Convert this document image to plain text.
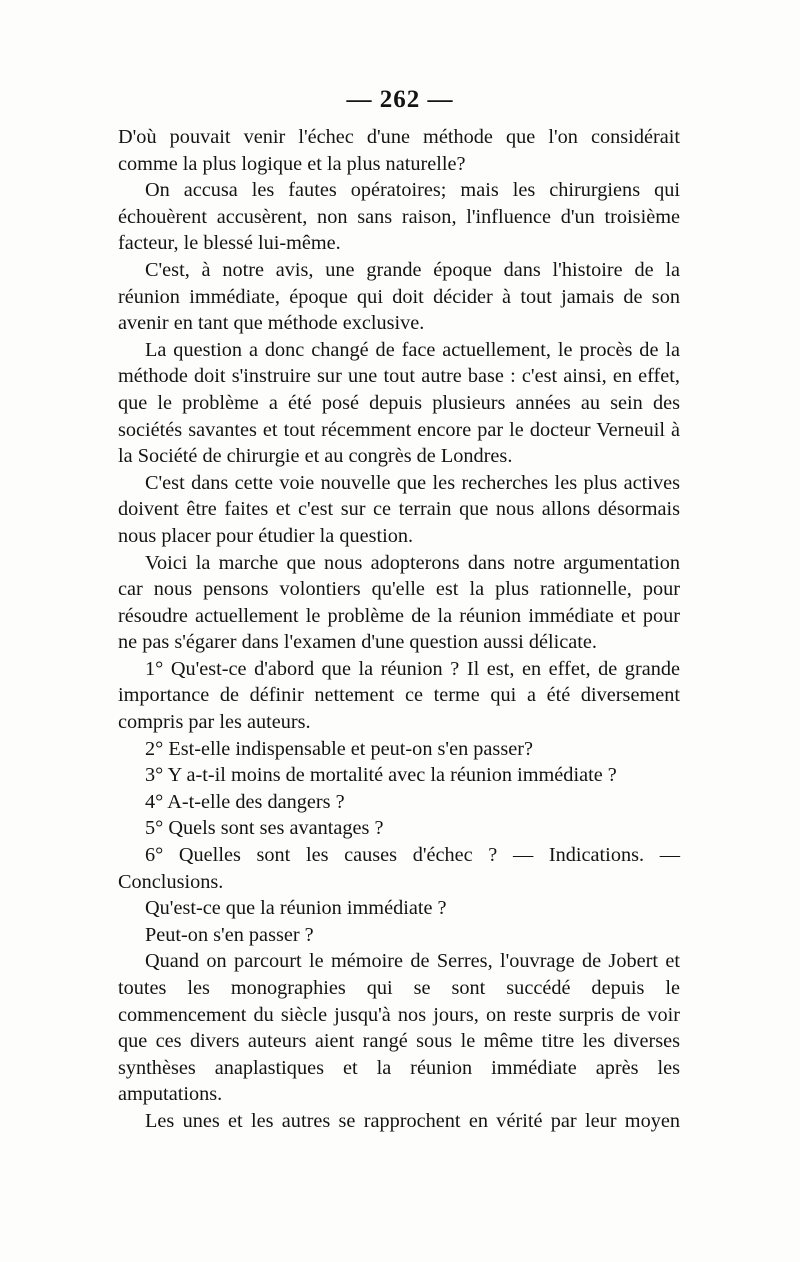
— 262 —

D'où pouvait venir l'échec d'une méthode que l'on considérait comme la plus logique et la plus naturelle?

On accusa les fautes opératoires; mais les chirurgiens qui échouèrent accusèrent, non sans raison, l'influence d'un troisième facteur, le blessé lui-même.

C'est, à notre avis, une grande époque dans l'histoire de la réunion immédiate, époque qui doit décider à tout jamais de son avenir en tant que méthode exclusive.

La question a donc changé de face actuellement, le procès de la méthode doit s'instruire sur une tout autre base : c'est ainsi, en effet, que le problème a été posé depuis plusieurs années au sein des sociétés savantes et tout récemment encore par le docteur Verneuil à la Société de chirurgie et au congrès de Londres.

C'est dans cette voie nouvelle que les recherches les plus actives doivent être faites et c'est sur ce terrain que nous allons désormais nous placer pour étudier la question.

Voici la marche que nous adopterons dans notre argumentation car nous pensons volontiers qu'elle est la plus rationnelle, pour résoudre actuellement le problème de la réunion immédiate et pour ne pas s'égarer dans l'examen d'une question aussi délicate.

1° Qu'est-ce d'abord que la réunion ? Il est, en effet, de grande importance de définir nettement ce terme qui a été diversement compris par les auteurs.

2° Est-elle indispensable et peut-on s'en passer?

3° Y a-t-il moins de mortalité avec la réunion immédiate ?

4° A-t-elle des dangers ?

5° Quels sont ses avantages ?

6° Quelles sont les causes d'échec ? — Indications. — Conclusions.

Qu'est-ce que la réunion immédiate ?

Peut-on s'en passer ?

Quand on parcourt le mémoire de Serres, l'ouvrage de Jobert et toutes les monographies qui se sont succédé depuis le commencement du siècle jusqu'à nos jours, on reste surpris de voir que ces divers auteurs aient rangé sous le même titre les diverses synthèses anaplastiques et la réunion immédiate après les amputations.

Les unes et les autres se rapprochent en vérité par leur moyen
